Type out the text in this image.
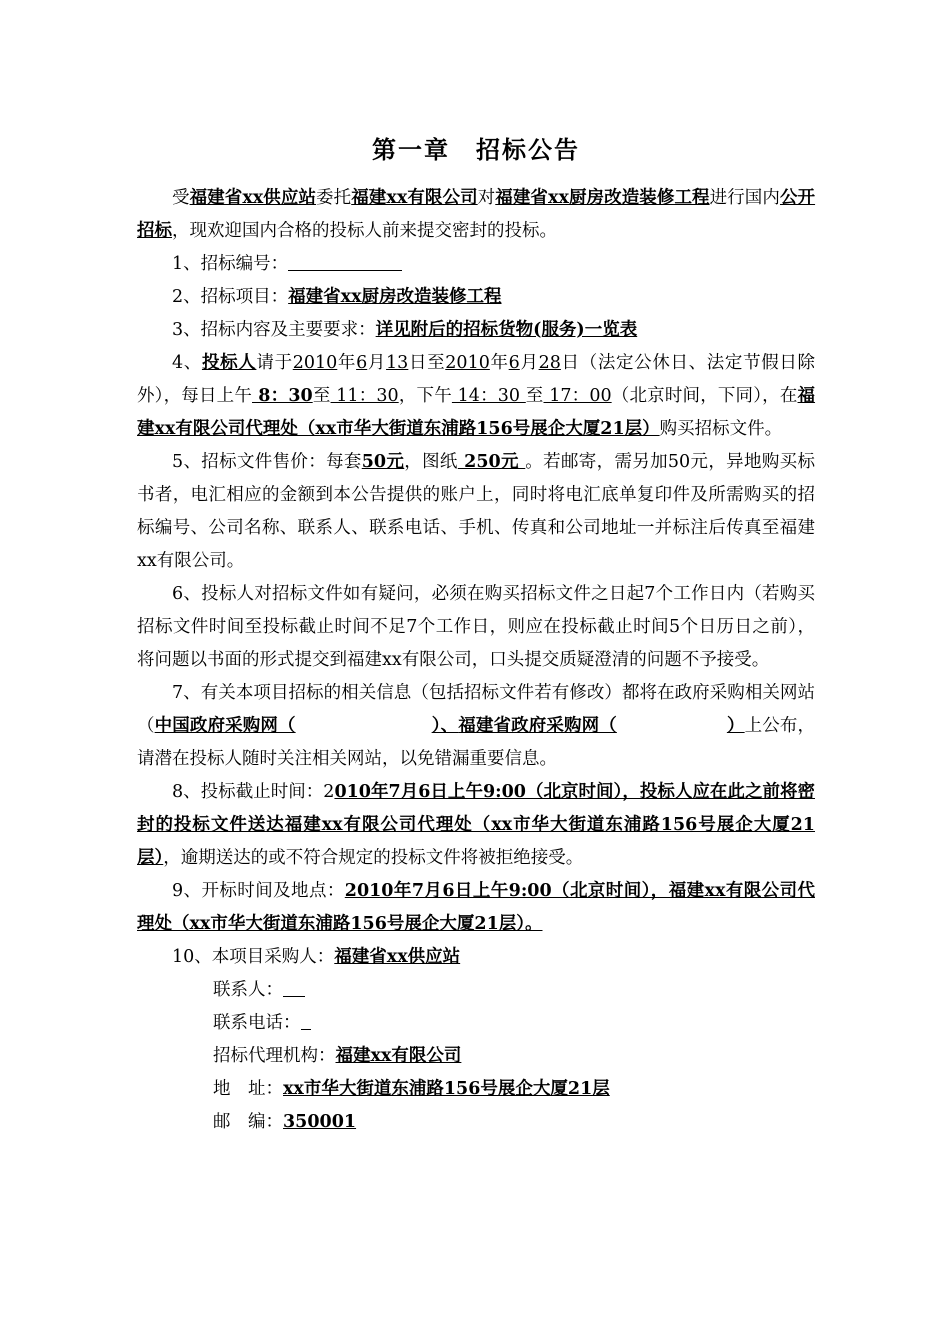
第一章　招标公告

受福建省xx供应站委托福建xx有限公司对福建省xx厨房改造装修工程进行国内公开招标，现欢迎国内合格的投标人前来提交密封的投标。

1、招标编号：

2、招标项目：福建省xx厨房改造装修工程

3、招标内容及主要要求：详见附后的招标货物(服务)一览表

4、投标人请于2010年6月13日至2010年6月28日（法定公休日、法定节假日除外），每日上午 8：30至 11：30，下午 14：30 至 17：00（北京时间，下同），在福建xx有限公司代理处（xx市华大街道东浦路156号展企大厦21层）购买招标文件。

5、招标文件售价：每套50元，图纸 250元 。若邮寄，需另加50元，异地购买标书者，电汇相应的金额到本公告提供的账户上，同时将电汇底单复印件及所需购买的招标编号、公司名称、联系人、联系电话、手机、传真和公司地址一并标注后传真至福建xx有限公司。

6、投标人对招标文件如有疑问，必须在购买招标文件之日起7个工作日内（若购买招标文件时间至投标截止时间不足7个工作日，则应在投标截止时间5个日历日之前），将问题以书面的形式提交到福建xx有限公司，口头提交质疑澄清的问题不予接受。

7、有关本项目招标的相关信息（包括招标文件若有修改）都将在政府采购相关网站（中国政府采购网（	）、福建省政府采购网（	）上公布，请潜在投标人随时关注相关网站，以免错漏重要信息。

8、投标截止时间：2010年7月6日上午9:00（北京时间），投标人应在此之前将密封的投标文件送达福建xx有限公司代理处（xx市华大街道东浦路156号展企大厦21层），逾期送达的或不符合规定的投标文件将被拒绝接受。

9、开标时间及地点：2010年7月6日上午9:00（北京时间），福建xx有限公司代理处（xx市华大街道东浦路156号展企大厦21层）。

10、本项目采购人：福建省xx供应站

联系人：

联系电话：

招标代理机构：福建xx有限公司

地　址：xx市华大街道东浦路156号展企大厦21层

邮　编：350001
